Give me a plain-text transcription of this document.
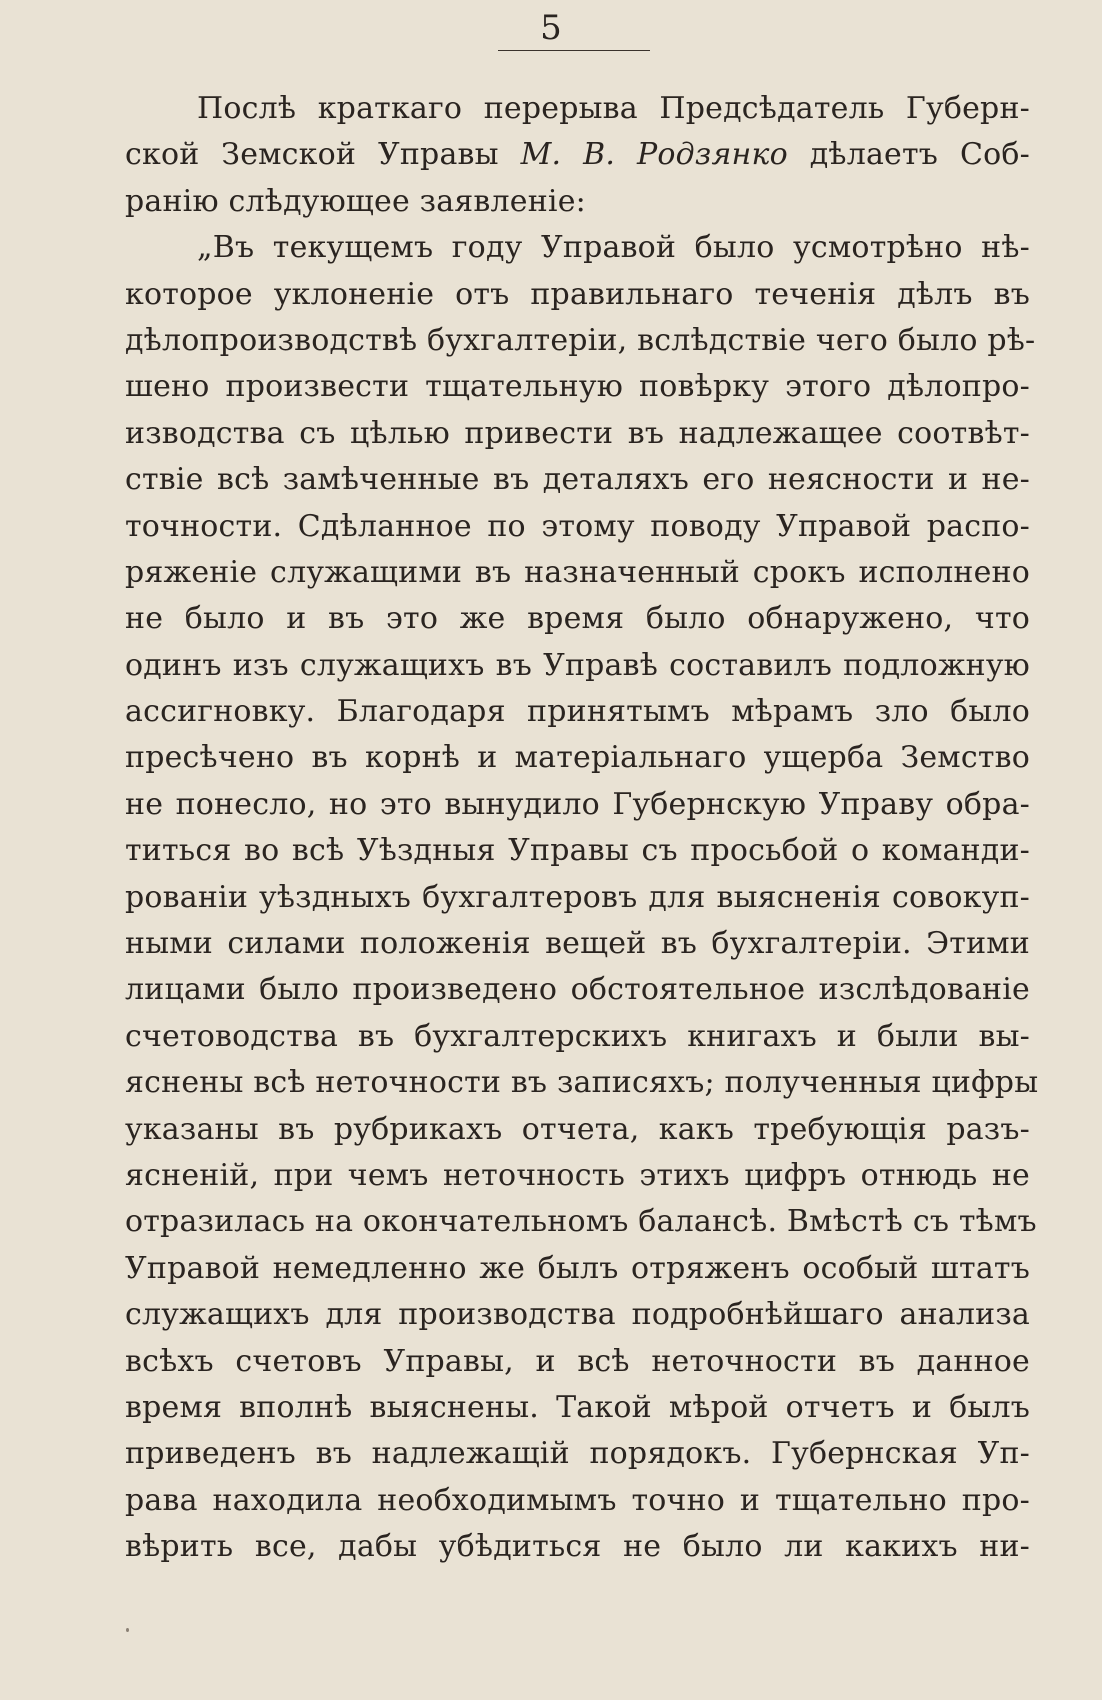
5
Послѣ краткаго перерыва Предсѣдатель Губерн-
ской Земской Управы М. В. Родзянко дѣлаетъ Соб-
ранію слѣдующее заявленіе:
„Въ текущемъ году Управой было усмотрѣно нѣ-
которое уклоненіе отъ правильнаго теченія дѣлъ въ
дѣлопроизводствѣ бухгалтеріи, вслѣдствіе чего было рѣ-
шено произвести тщательную повѣрку этого дѣлопро-
изводства съ цѣлью привести въ надлежащее соотвѣт-
ствіе всѣ замѣченные въ деталяхъ его неясности и не-
точности. Сдѣланное по этому поводу Управой распо-
ряженіе служащими въ назначенный срокъ исполнено
не было и въ это же время было обнаружено, что
одинъ изъ служащихъ въ Управѣ составилъ подложную
ассигновку. Благодаря принятымъ мѣрамъ зло было
пресѣчено въ корнѣ и матеріальнаго ущерба Земство
не понесло, но это вынудило Губернскую Управу обра-
титься во всѣ Уѣздныя Управы съ просьбой о команди-
рованіи уѣздныхъ бухгалтеровъ для выясненія совокуп-
ными силами положенія вещей въ бухгалтеріи. Этими
лицами было произведено обстоятельное изслѣдованіе
счетоводства въ бухгалтерскихъ книгахъ и были вы-
яснены всѣ неточности въ записяхъ; полученныя цифры
указаны въ рубрикахъ отчета, какъ требующія разъ-
ясненій, при чемъ неточность этихъ цифръ отнюдь не
отразилась на окончательномъ балансѣ. Вмѣстѣ съ тѣмъ
Управой немедленно же былъ отряженъ особый штатъ
служащихъ для производства подробнѣйшаго анализа
всѣхъ счетовъ Управы, и всѣ неточности въ данное
время вполнѣ выяснены. Такой мѣрой отчетъ и былъ
приведенъ въ надлежащій порядокъ. Губернская Уп-
рава находила необходимымъ точно и тщательно про-
вѣрить все, дабы убѣдиться не было ли какихъ ни-
